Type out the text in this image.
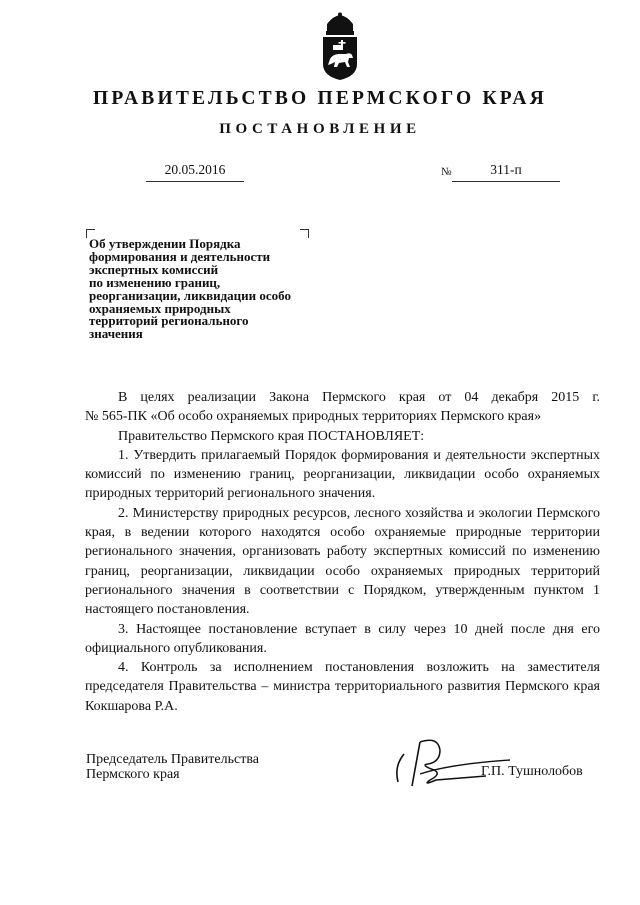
ПРАВИТЕЛЬСТВО ПЕРМСКОГО КРАЯ
ПОСТАНОВЛЕНИЕ
20.05.2016	№	311-п
Об утверждении Порядка
формирования и деятельности
экспертных комиссий
по изменению границ,
реорганизации, ликвидации особо
охраняемых природных
территорий регионального
значения

В целях реализации Закона Пермского края от 04 декабря 2015 г.

№ 565-ПК «Об особо охраняемых природных территориях Пермского края»

Правительство Пермского края ПОСТАНОВЛЯЕТ:

1. Утвердить прилагаемый Порядок формирования и деятельности экспертных комиссий по изменению границ, реорганизации, ликвидации особо охраняемых природных территорий регионального значения.

2. Министерству природных ресурсов, лесного хозяйства и экологии Пермского края, в ведении которого находятся особо охраняемые природные территории регионального значения, организовать работу экспертных комиссий по изменению границ, реорганизации, ликвидации особо охраняемых природных территорий регионального значения в соответствии с Порядком, утвержденным пунктом 1 настоящего постановления.

3. Настоящее постановление вступает в силу через 10 дней после дня его официального опубликования.

4. Контроль за исполнением постановления возложить на заместителя председателя Правительства – министра территориального развития Пермского края Кокшарова Р.А.

Председатель Правительства
Пермского края	Г.П. Тушнолобов
